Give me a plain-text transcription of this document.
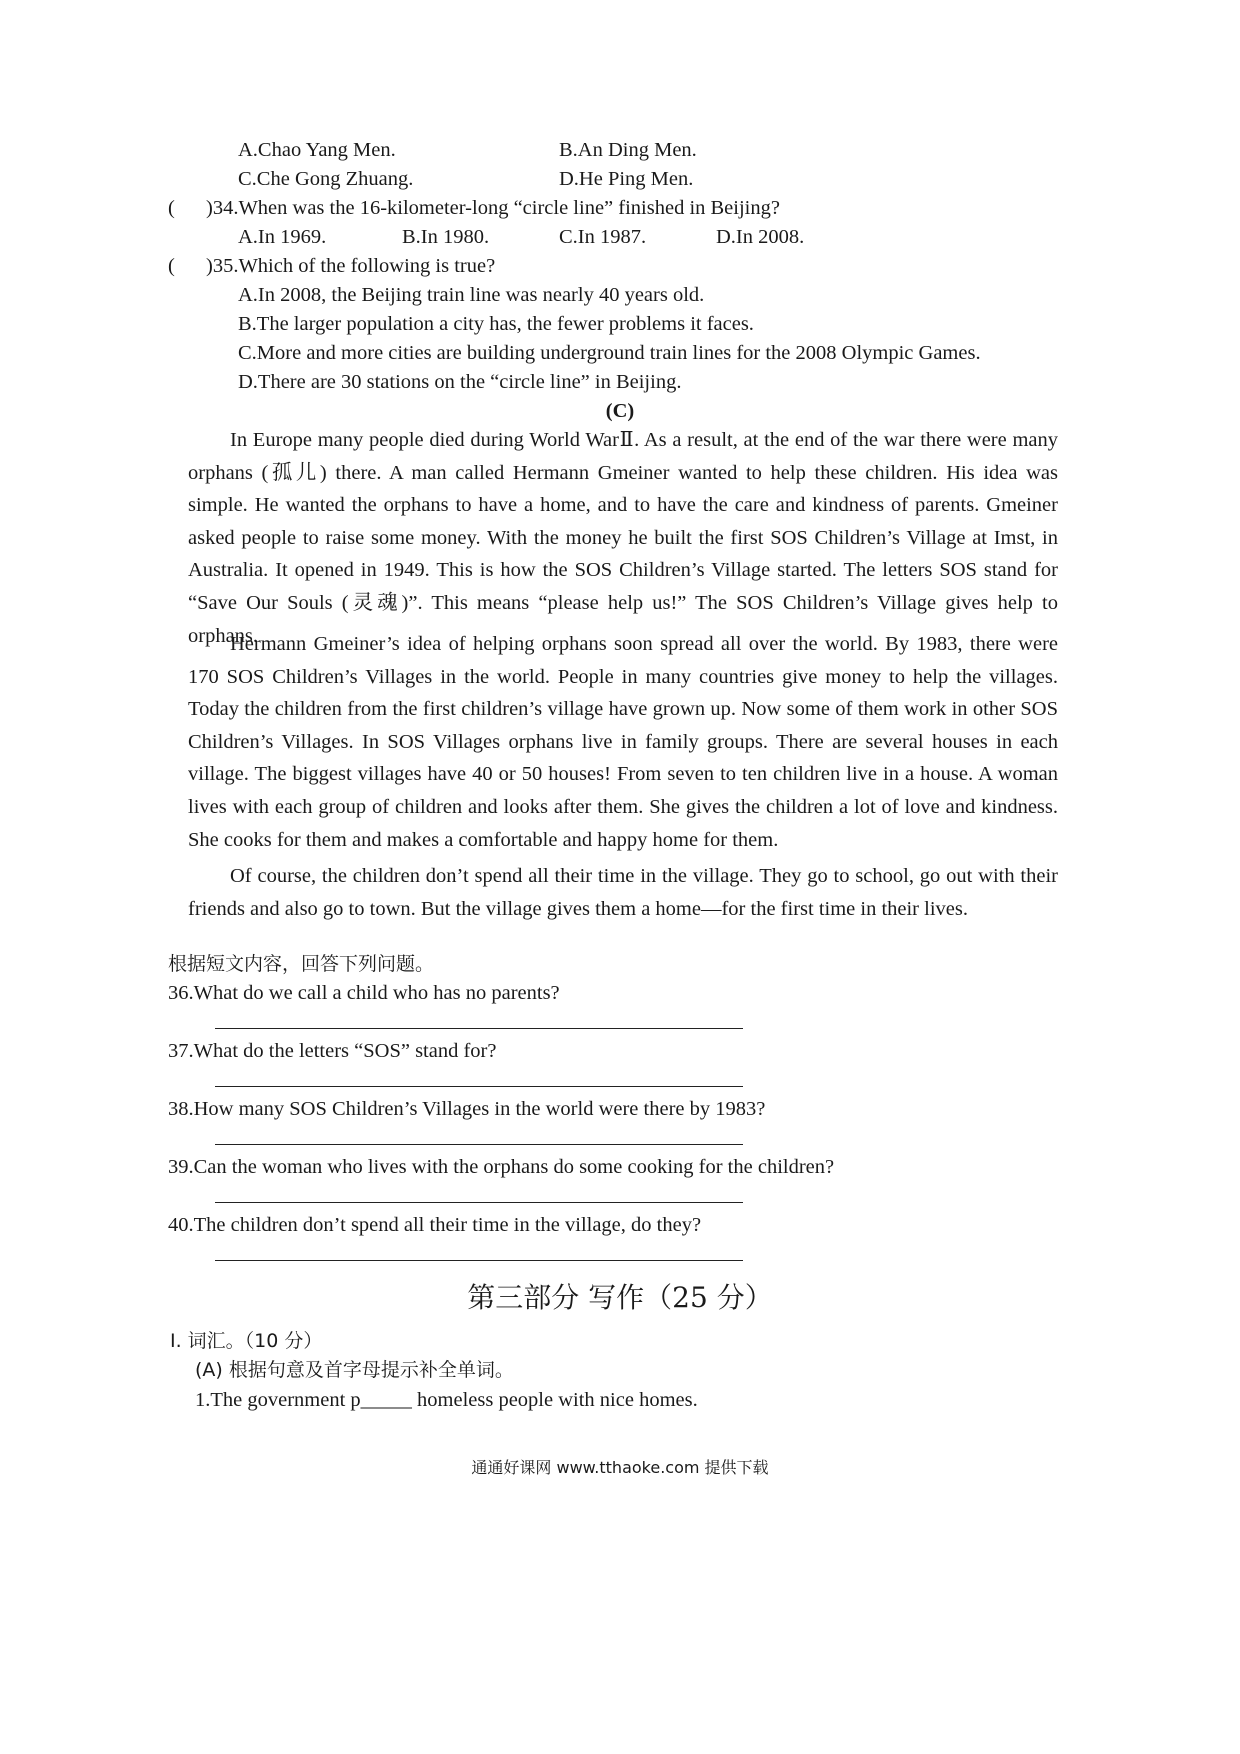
A.Chao Yang Men.	B.An Ding Men.
C.Che Gong Zhuang.	D.He Ping Men.
( )34.When was the 16-kilometer-long “circle line” finished in Beijing?
A.In 1969.	B.In 1980.	C.In 1987.	D.In 2008.
( )35.Which of the following is true?
A.In 2008, the Beijing train line was nearly 40 years old.
B.The larger population a city has, the fewer problems it faces.
C.More and more cities are building underground train lines for the 2008 Olympic Games.
D.There are 30 stations on the “circle line” in Beijing.
(C)
In Europe many people died during World WarⅡ. As a result, at the end of the war there were many orphans (孤儿) there. A man called Hermann Gmeiner wanted to help these children. His idea was simple. He wanted the orphans to have a home, and to have the care and kindness of parents. Gmeiner asked people to raise some money. With the money he built the first SOS Children’s Village at Imst, in Australia. It opened in 1949. This is how the SOS Children’s Village started. The letters SOS stand for “Save Our Souls (灵魂)”. This means “please help us!” The SOS Children’s Village gives help to orphans.
Hermann Gmeiner’s idea of helping orphans soon spread all over the world. By 1983, there were 170 SOS Children’s Villages in the world. People in many countries give money to help the villages. Today the children from the first children’s village have grown up. Now some of them work in other SOS Children’s Villages. In SOS Villages orphans live in family groups. There are several houses in each village. The biggest villages have 40 or 50 houses! From seven to ten children live in a house. A woman lives with each group of children and looks after them. She gives the children a lot of love and kindness. She cooks for them and makes a comfortable and happy home for them.
Of course, the children don’t spend all their time in the village. They go to school, go out with their friends and also go to town. But the village gives them a home—for the first time in their lives.
根据短文内容，回答下列问题。
36.What do we call a child who has no parents?
37.What do the letters “SOS” stand for?
38.How many SOS Children’s Villages in the world were there by 1983?
39.Can the woman who lives with the orphans do some cooking for the children?
40.The children don’t spend all their time in the village, do they?
第三部分 写作（25 分）
Ⅰ. 词汇。（10 分）
(A) 根据句意及首字母提示补全单词。
1.The government p_____ homeless people with nice homes.
通通好课网 www.tthaoke.com 提供下载
